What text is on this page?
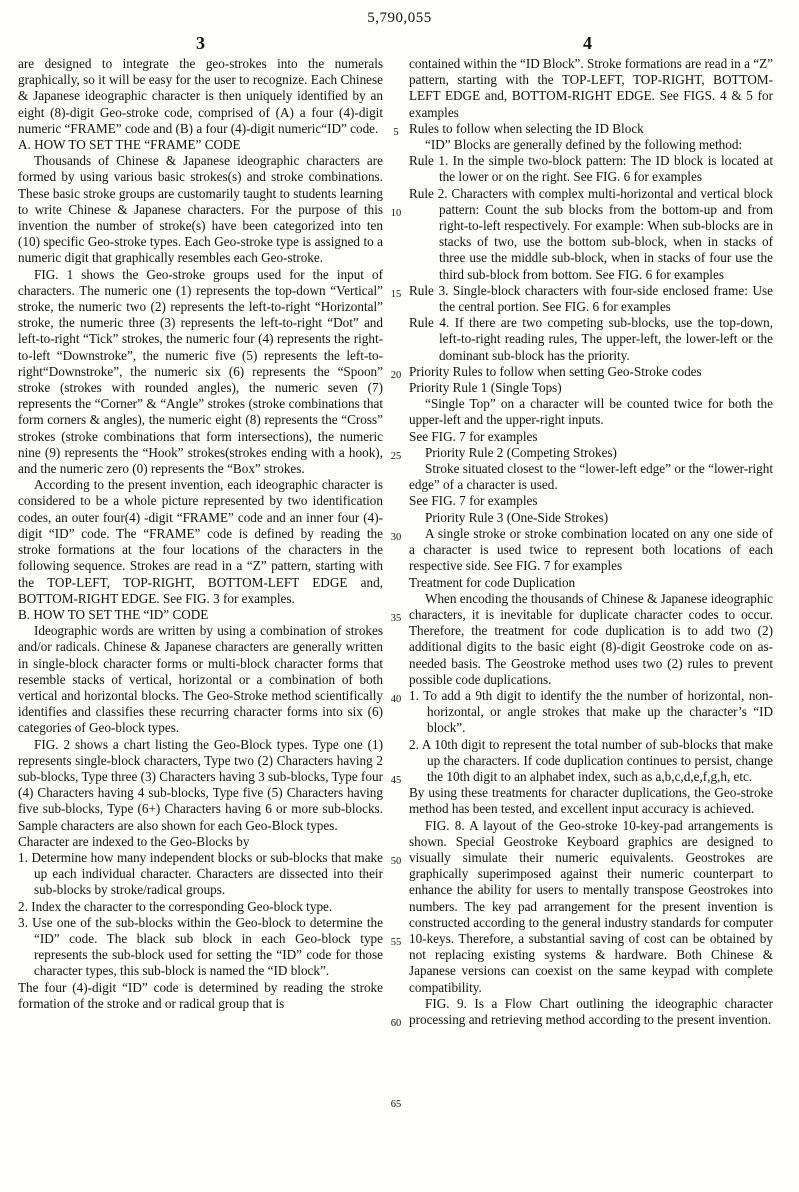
5,790,055
3	4

are designed to integrate the geo-strokes into the numerals graphically, so it will be easy for the user to recognize. Each Chinese & Japanese ideographic character is then uniquely identified by an eight (8)-digit Geo-stroke code, comprised of (A) a four (4)-digit numeric “FRAME” code and (B) a four (4)-digit numeric“ID” code.

A. HOW TO SET THE “FRAME” CODE

Thousands of Chinese & Japanese ideographic characters are formed by using various basic strokes(s) and stroke combinations. These basic stroke groups are customarily taught to students learning to write Chinese & Japanese characters. For the purpose of this invention the number of stroke(s) have been categorized into ten (10) specific Geo-stroke types. Each Geo-stroke type is assigned to a numeric digit that graphically resembles each Geo-stroke.

FIG. 1 shows the Geo-stroke groups used for the input of characters. The numeric one (1) represents the top-down “Vertical” stroke, the numeric two (2) represents the left-to-right “Horizontal” stroke, the numeric three (3) represents the left-to-right “Dot” and left-to-right “Tick” strokes, the numeric four (4) represents the right-to-left “Downstroke”, the numeric five (5) represents the left-to-right“Downstroke”, the numeric six (6) represents the “Spoon” stroke (strokes with rounded angles), the numeric seven (7) represents the “Corner” & “Angle” strokes (stroke combinations that form corners & angles), the numeric eight (8) represents the “Cross” strokes (stroke combinations that form intersections), the numeric nine (9) represents the “Hook” strokes(strokes ending with a hook), and the numeric zero (0) represents the “Box” strokes.

According to the present invention, each ideographic character is considered to be a whole picture represented by two identification codes, an outer four(4) -digit “FRAME” code and an inner four (4)-digit “ID” code. The “FRAME” code is defined by reading the stroke formations at the four locations of the characters in the following sequence. Strokes are read in a “Z” pattern, starting with the TOP-LEFT, TOP-RIGHT, BOTTOM-LEFT EDGE and, BOTTOM-RIGHT EDGE. See FIG. 3 for examples.

B. HOW TO SET THE “ID” CODE

Ideographic words are written by using a combination of strokes and/or radicals. Chinese & Japanese characters are generally written in single-block character forms or multi-block character forms that resemble stacks of vertical, horizontal or a combination of both vertical and horizontal blocks. The Geo-Stroke method scientifically identifies and classifies these recurring character forms into six (6) categories of Geo-block types.

FIG. 2 shows a chart listing the Geo-Block types. Type one (1) represents single-block characters, Type two (2) Characters having 2 sub-blocks, Type three (3) Characters having 3 sub-blocks, Type four (4) Characters having 4 sub-blocks, Type five (5) Characters having five sub-blocks, Type (6+) Characters having 6 or more sub-blocks. Sample characters are also shown for each Geo-Block types.

Character are indexed to the Geo-Blocks by

1. Determine how many independent blocks or sub-blocks that make up each individual character. Characters are dissected into their sub-blocks by stroke/radical groups.

2. Index the character to the corresponding Geo-block type.

3. Use one of the sub-blocks within the Geo-block to determine the “ID” code. The black sub block in each Geo-block type represents the sub-block used for setting the “ID” code for those character types, this sub-block is named the “ID block”.

The four (4)-digit “ID” code is determined by reading the stroke formation of the stroke and or radical group that is

contained within the “ID Block”. Stroke formations are read in a “Z” pattern, starting with the TOP-LEFT, TOP-RIGHT, BOTTOM-LEFT EDGE and, BOTTOM-RIGHT EDGE. See FIGS. 4 & 5 for examples

Rules to follow when selecting the ID Block

“ID” Blocks are generally defined by the following method:

Rule 1. In the simple two-block pattern: The ID block is located at the lower or on the right. See FIG. 6 for examples

Rule 2. Characters with complex multi-horizontal and vertical block pattern: Count the sub blocks from the bottom-up and from right-to-left respectively. For example: When sub-blocks are in stacks of two, use the bottom sub-block, when in stacks of three use the middle sub-block, when in stacks of four use the third sub-block from bottom. See FIG. 6 for examples

Rule 3. Single-block characters with four-side enclosed frame: Use the central portion. See FIG. 6 for examples

Rule 4. If there are two competing sub-blocks, use the top-down, left-to-right reading rules, The upper-left, the lower-left or the dominant sub-block has the priority.

Priority Rules to follow when setting Geo-Stroke codes

Priority Rule 1 (Single Tops)

“Single Top” on a character will be counted twice for both the upper-left and the upper-right inputs.

See FIG. 7 for examples

Priority Rule 2 (Competing Strokes)

Stroke situated closest to the “lower-left edge” or the “lower-right edge” of a character is used.

See FIG. 7 for examples

Priority Rule 3 (One-Side Strokes)

A single stroke or stroke combination located on any one side of a character is used twice to represent both locations of each respective side. See FIG. 7 for examples

Treatment for code Duplication

When encoding the thousands of Chinese & Japanese ideographic characters, it is inevitable for duplicate character codes to occur. Therefore, the treatment for code duplication is to add two (2) additional digits to the basic eight (8)-digit Geostroke code on as-needed basis. The Geostroke method uses two (2) rules to prevent possible code duplications.

1. To add a 9th digit to identify the the number of horizontal, non-horizontal, or angle strokes that make up the character’s “ID block”.

2. A 10th digit to represent the total number of sub-blocks that make up the characters. If code duplication continues to persist, change the 10th digit to an alphabet index, such as a,b,c,d,e,f,g,h, etc.

By using these treatments for character duplications, the Geo-stroke method has been tested, and excellent input accuracy is achieved.

FIG. 8. A layout of the Geo-stroke 10-key-pad arrangements is shown. Special Geostroke Keyboard graphics are designed to visually simulate their numeric equivalents. Geostrokes are graphically superimposed against their numeric counterpart to enhance the ability for users to mentally transpose Geostrokes into numbers. The key pad arrangement for the present invention is constructed according to the general industry standards for computer 10-keys. Therefore, a substantial saving of cost can be obtained by not replacing existing systems & hardware. Both Chinese & Japanese versions can coexist on the same keypad with complete compatibility.

FIG. 9. Is a Flow Chart outlining the ideographic character processing and retrieving method according to the present invention.

5
10
15
20
25
30
35
40
45
50
55
60
65
